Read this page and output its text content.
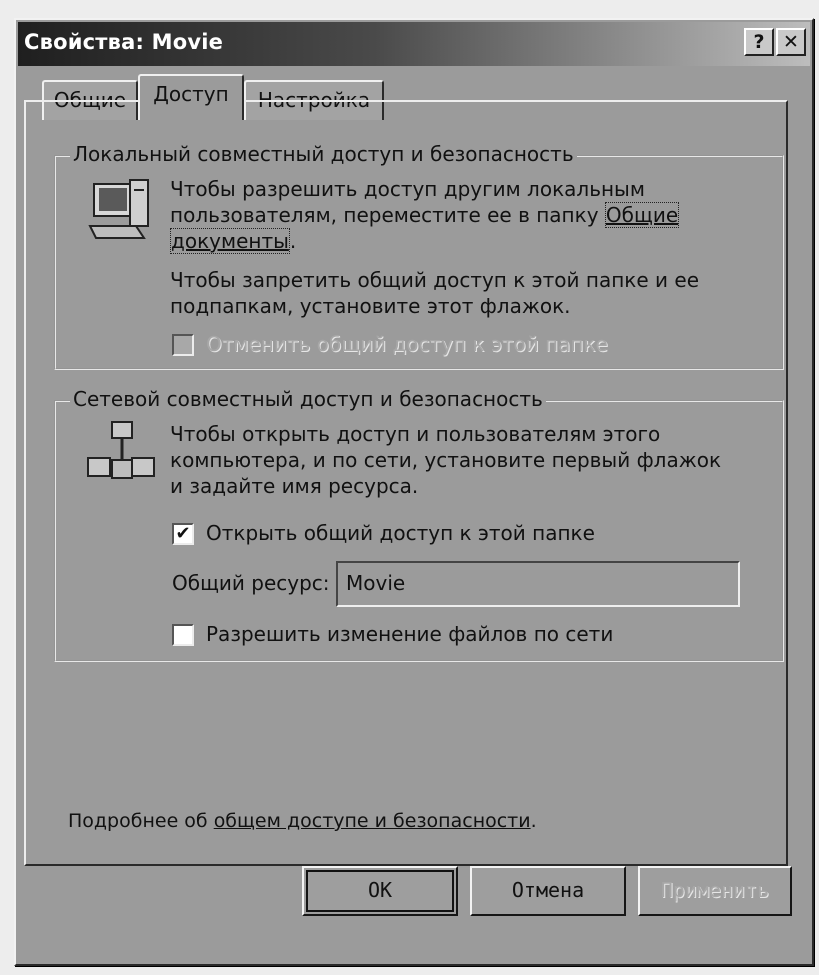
Свойства: Movie	? ✕
Общие	Доступ	Настройка
Локальный совместный доступ и безопасность
Чтобы разрешить доступ другим локальным
пользователям, переместите ее в папку Общие
документы.
Чтобы запретить общий доступ к этой папке и ее
подпапкам, установите этот флажок.
Отменить общий доступ к этой папке
Сетевой совместный доступ и безопасность
Чтобы открыть доступ и пользователям этого
компьютера, и по сети, установите первый флажок
и задайте имя ресурса.
✔ Открыть общий доступ к этой папке
Общий ресурс: Movie
Разрешить изменение файлов по сети
Подробнее об общем доступе и безопасности.
OK	Отмена	Применить
